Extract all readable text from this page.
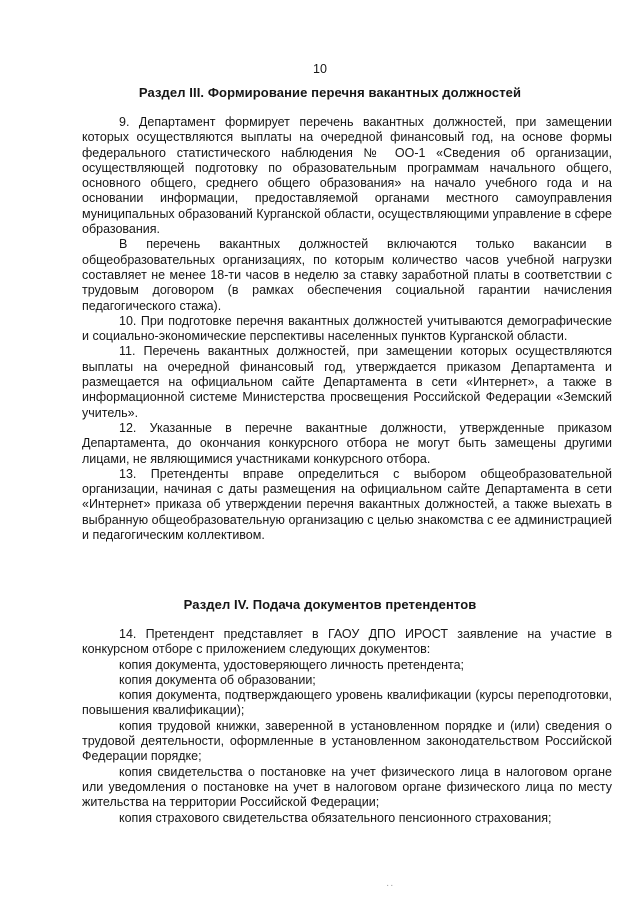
10
Раздел III. Формирование перечня вакантных должностей

9. Департамент формирует перечень вакантных должностей, при замещении которых осуществляются выплаты на очередной финансовый год, на основе формы федерального статистического наблюдения № ОО-1 «Сведения об организации, осуществляющей подготовку по образовательным программам начального общего, основного общего, среднего общего образования» на начало учебного года и на основании информации, предоставляемой органами местного самоуправления муниципальных образований Курганской области, осуществляющими управление в сфере образования.

В перечень вакантных должностей включаются только вакансии в общеобразовательных организациях, по которым количество часов учебной нагрузки составляет не менее 18-ти часов в неделю за ставку заработной платы в соответствии с трудовым договором (в рамках обеспечения социальной гарантии начисления педагогического стажа).

10. При подготовке перечня вакантных должностей учитываются демографические и социально-экономические перспективы населенных пунктов Курганской области.

11. Перечень вакантных должностей, при замещении которых осуществляются выплаты на очередной финансовый год, утверждается приказом Департамента и размещается на официальном сайте Департамента в сети «Интернет», а также в информационной системе Министерства просвещения Российской Федерации «Земский учитель».

12. Указанные в перечне вакантные должности, утвержденные приказом Департамента, до окончания конкурсного отбора не могут быть замещены другими лицами, не являющимися участниками конкурсного отбора.

13. Претенденты вправе определиться с выбором общеобразовательной организации, начиная с даты размещения на официальном сайте Департамента в сети «Интернет» приказа об утверждении перечня вакантных должностей, а также выехать в выбранную общеобразовательную организацию с целью знакомства с ее администрацией и педагогическим коллективом.

Раздел IV. Подача документов претендентов

14. Претендент представляет в ГАОУ ДПО ИРОСТ заявление на участие в конкурсном отборе с приложением следующих документов:

копия документа, удостоверяющего личность претендента;

копия документа об образовании;

копия документа, подтверждающего уровень квалификации (курсы переподготовки, повышения квалификации);

копия трудовой книжки, заверенной в установленном порядке и (или) сведения о трудовой деятельности, оформленные в установленном законодательством Российской Федерации порядке;

копия свидетельства о постановке на учет физического лица в налоговом органе или уведомления о постановке на учет в налоговом органе физического лица по месту жительства на территории Российской Федерации;

копия страхового свидетельства обязательного пенсионного страхования;

· ·
